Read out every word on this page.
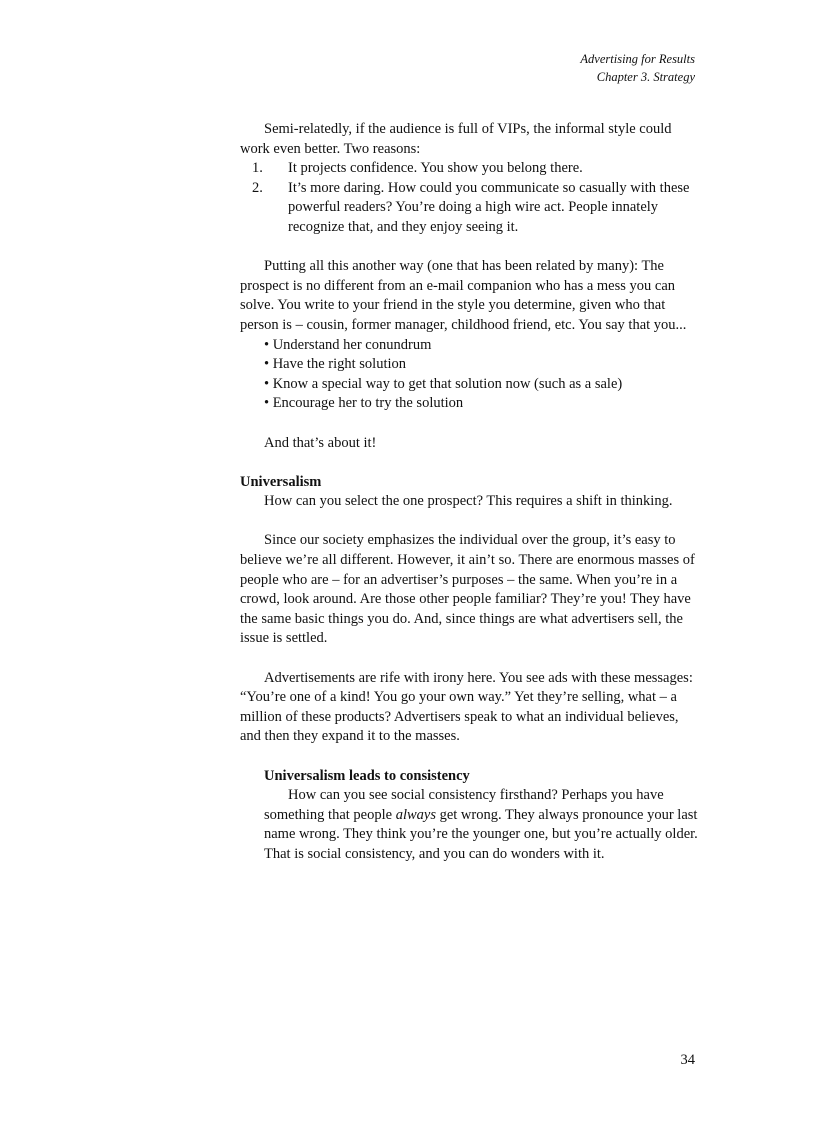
Advertising for Results
Chapter 3. Strategy

Semi-relatedly, if the audience is full of VIPs, the informal style could work even better. Two reasons:

1. It projects confidence. You show you belong there.
2. It’s more daring. How could you communicate so casually with these powerful readers? You’re doing a high wire act. People innately recognize that, and they enjoy seeing it.

Putting all this another way (one that has been related by many): The prospect is no different from an e-mail companion who has a mess you can solve. You write to your friend in the style you determine, given who that person is – cousin, former manager, childhood friend, etc. You say that you...

• Understand her conundrum
• Have the right solution
• Know a special way to get that solution now (such as a sale)
• Encourage her to try the solution

And that’s about it!

Universalism

How can you select the one prospect? This requires a shift in thinking.

Since our society emphasizes the individual over the group, it’s easy to believe we’re all different. However, it ain’t so. There are enormous masses of people who are – for an advertiser’s purposes – the same. When you’re in a crowd, look around. Are those other people familiar? They’re you! They have the same basic things you do. And, since things are what advertisers sell, the issue is settled.

Advertisements are rife with irony here. You see ads with these messages: “You’re one of a kind! You go your own way.” Yet they’re selling, what – a million of these products? Advertisers speak to what an individual believes, and then they expand it to the masses.

Universalism leads to consistency

How can you see social consistency firsthand? Perhaps you have something that people always get wrong. They always pronounce your last name wrong. They think you’re the younger one, but you’re actually older. That is social consistency, and you can do wonders with it.

34
